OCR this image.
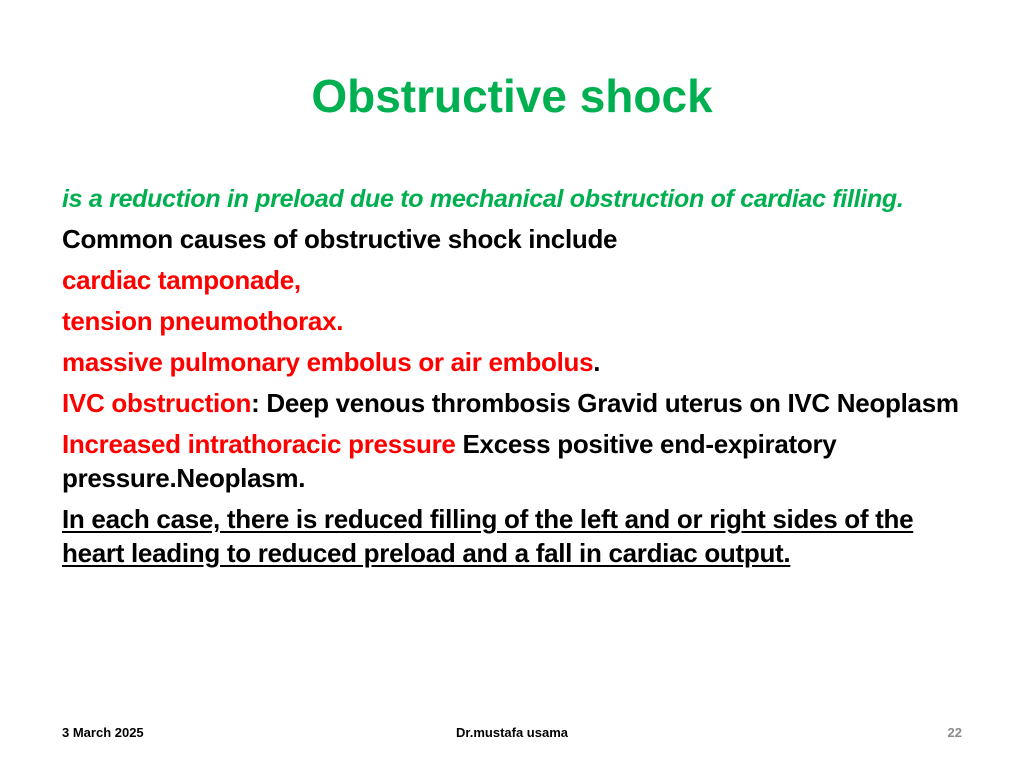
Obstructive shock

is a reduction in preload due to mechanical obstruction of cardiac filling.

Common causes of obstructive shock include

cardiac tamponade,

tension pneumothorax.

massive pulmonary embolus or air embolus.

IVC obstruction: Deep venous thrombosis Gravid uterus on IVC Neoplasm

Increased intrathoracic pressure Excess positive end-expiratory pressure.Neoplasm.

In each case, there is reduced filling of the left and or right sides of the heart leading to reduced preload and a fall in cardiac output.

3 March 2025	Dr.mustafa usama	22
